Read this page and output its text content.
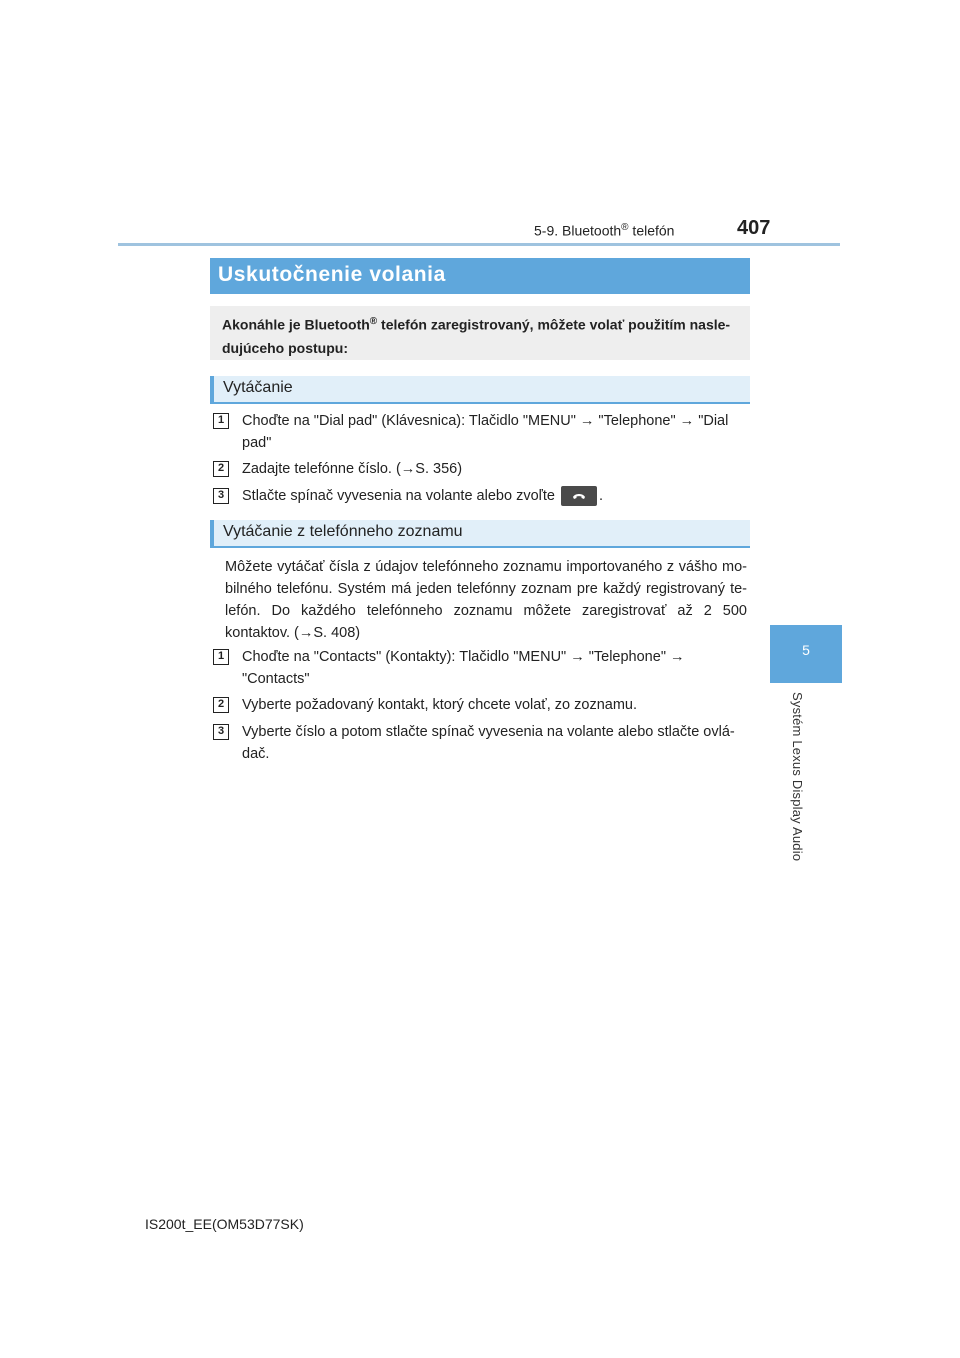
5-9. Bluetooth® telefón	407
5
Systém Lexus Display Audio
Uskutočnenie volania

Akonáhle je Bluetooth® telefón zaregistrovaný, môžete volať použitím nasle-dujúceho postupu:

Vytáčanie
1	Choďte na "Dial pad" (Klávesnica): Tlačidlo "MENU" → "Telephone" → "Dial pad"
2	Zadajte telefónne číslo. (→S. 356)
3	Stlačte spínač vyvesenia na volante alebo zvoľte	.
Vytáčanie z telefónneho zoznamu
Môžete vytáčať čísla z údajov telefónneho zoznamu importovaného z vášho mo-bilného telefónu. Systém má jeden telefónny zoznam pre každý registrovaný te-lefón. Do každého telefónneho zoznamu môžete zaregistrovať až 2 500 kontaktov. (→S. 408)
1	Choďte na "Contacts" (Kontakty): Tlačidlo "MENU" → "Telephone" → "Contacts"
2	Vyberte požadovaný kontakt, ktorý chcete volať, zo zoznamu.
3	Vyberte číslo a potom stlačte spínač vyvesenia na volante alebo stlačte ovlá-dač.
IS200t_EE(OM53D77SK)
